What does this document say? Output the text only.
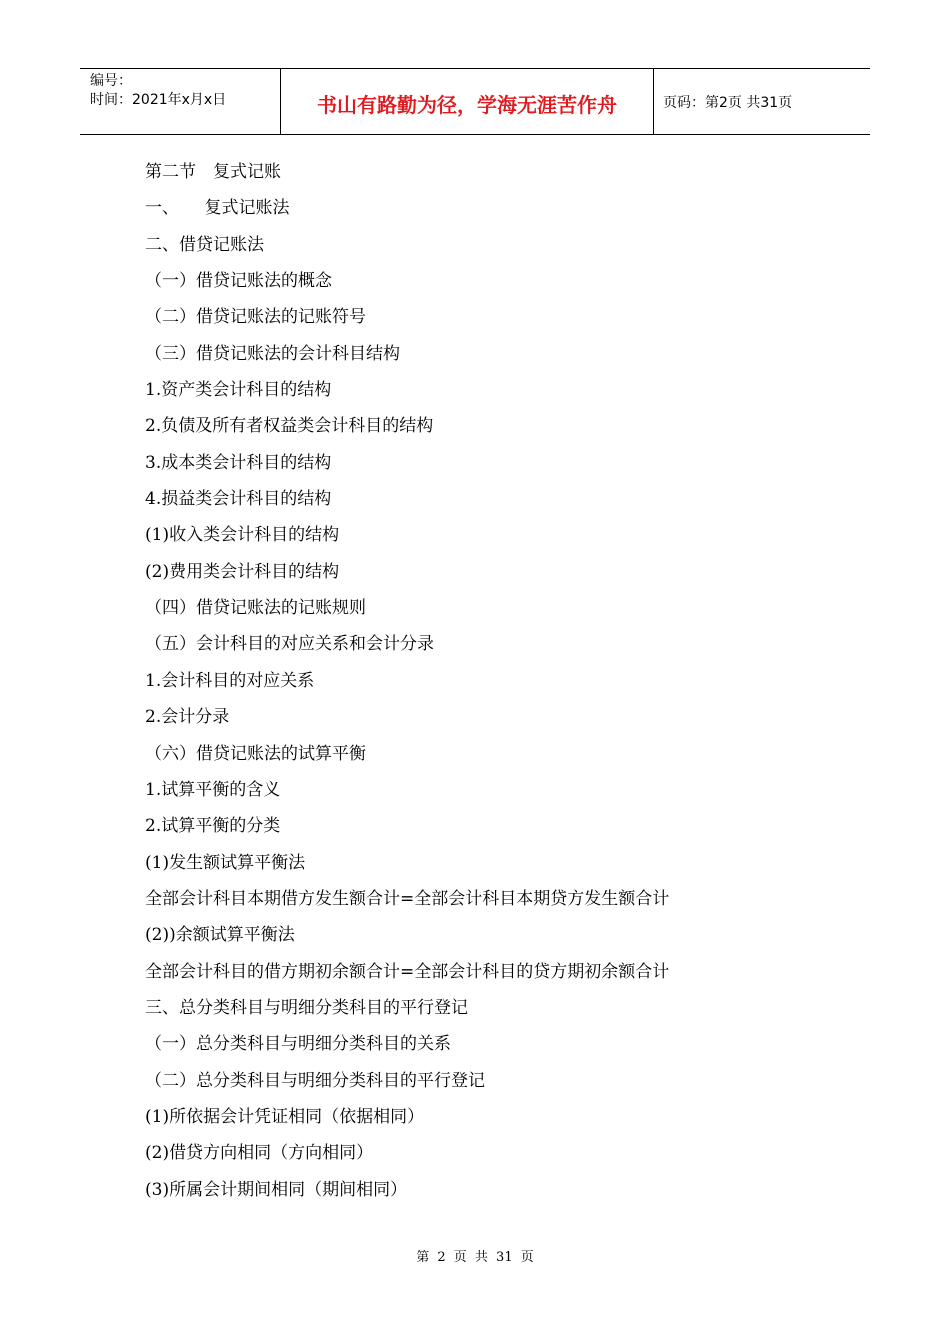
编号：
时间：2021年x月x日	书山有路勤为径，学海无涯苦作舟	页码：第2页 共31页
第二节　复式记账
一、　　复式记账法
二、借贷记账法
（一）借贷记账法的概念
（二）借贷记账法的记账符号
（三）借贷记账法的会计科目结构
1.资产类会计科目的结构
2.负债及所有者权益类会计科目的结构
3.成本类会计科目的结构
4.损益类会计科目的结构
(1)收入类会计科目的结构
(2)费用类会计科目的结构
（四）借贷记账法的记账规则
（五）会计科目的对应关系和会计分录
1.会计科目的对应关系
2.会计分录
（六）借贷记账法的试算平衡
1.试算平衡的含义
2.试算平衡的分类
(1)发生额试算平衡法
全部会计科目本期借方发生额合计=全部会计科目本期贷方发生额合计
(2))余额试算平衡法
全部会计科目的借方期初余额合计=全部会计科目的贷方期初余额合计
三、总分类科目与明细分类科目的平行登记
（一）总分类科目与明细分类科目的关系
（二）总分类科目与明细分类科目的平行登记
(1)所依据会计凭证相同（依据相同）
(2)借贷方向相同（方向相同）
(3)所属会计期间相同（期间相同）
第 2 页 共 31 页
